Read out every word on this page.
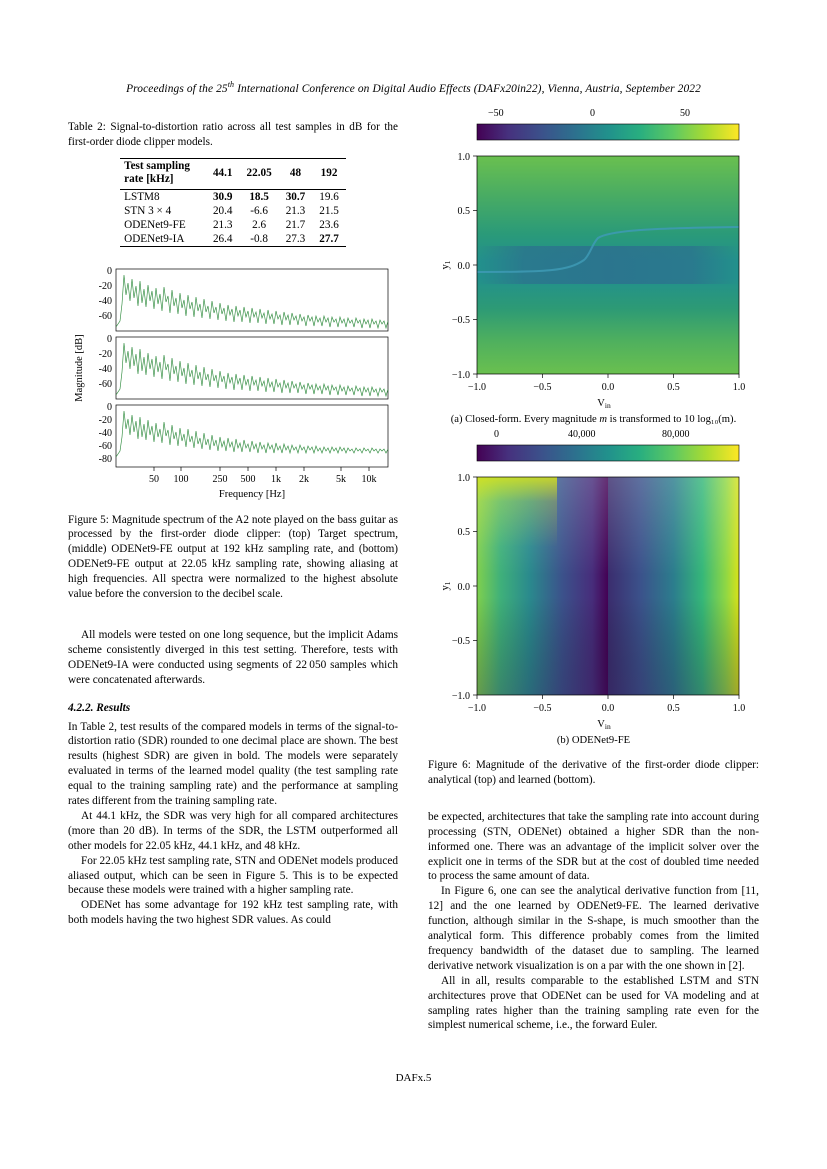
Proceedings of the 25th International Conference on Digital Audio Effects (DAFx20in22), Vienna, Austria, September 2022
Table 2: Signal-to-distortion ratio across all test samples in dB for the first-order diode clipper models.
Test sampling
rate [kHz]	44.1	22.05	48	192
LSTM8	30.9	18.5	30.7	19.6
STN 3 × 4	20.4	-6.6	21.3	21.5
ODENet9-FE	21.3	2.6	21.7	23.6
ODENet9-IA	26.4	-0.8	27.3	27.7
0
-20
-40
-60
0
-20
-40
-60
0
-20
-40
-60
-80
50 100 250 500 1k 2k	5k 10k
Frequency [Hz]
Magnitude [dB]
Figure 5: Magnitude spectrum of the A2 note played on the bass guitar as processed by the first-order diode clipper: (top) Target spectrum, (middle) ODENet9-FE output at 192 kHz sampling rate, and (bottom) ODENet9-FE output at 22.05 kHz sampling rate, showing aliasing at high frequencies. All spectra were normalized to the highest absolute value before the conversion to the decibel scale.

All models were tested on one long sequence, but the implicit Adams scheme consistently diverged in this test setting. Therefore, tests with ODENet9-IA were conducted using segments of 22 050 samples which were concatenated afterwards.

4.2.2. Results

In Table 2, test results of the compared models in terms of the signal-to-distortion ratio (SDR) rounded to one decimal place are shown. The best results (highest SDR) are given in bold. The models were separately evaluated in terms of the learned model quality (the test sampling rate equal to the training sampling rate) and the performance at sampling rates different from the training sampling rate.

At 44.1 kHz, the SDR was very high for all compared architectures (more than 20 dB). In terms of the SDR, the LSTM outperformed all other models for 22.05 kHz, 44.1 kHz, and 48 kHz.

For 22.05 kHz test sampling rate, STN and ODENet models produced aliased output, which can be seen in Figure 5. This is to be expected because these models were trained with a higher sampling rate.

ODENet has some advantage for 192 kHz test sampling rate, with both models having the two highest SDR values. As could

−1.0
−0.5
0.0
0.5
1.0
−1.0	−0.5	0.0	0.5	1.0
Vin
y1
−50	0	50
(a) Closed-form. Every magnitude m is transformed to 10 log₁₀(m).
−1.0
−0.5
0.0
0.5
1.0
−1.0	−0.5	0.0	0.5	1.0
Vin
y1
0	40,000	80,000
(b) ODENet9-FE
Figure 6: Magnitude of the derivative of the first-order diode clipper: analytical (top) and learned (bottom).

be expected, architectures that take the sampling rate into account during processing (STN, ODENet) obtained a higher SDR than the non-informed one. There was an advantage of the implicit solver over the explicit one in terms of the SDR but at the cost of doubled time needed to process the same amount of data.

In Figure 6, one can see the analytical derivative function from [11, 12] and the one learned by ODENet9-FE. The learned derivative function, although similar in the S-shape, is much smoother than the analytical form. This difference probably comes from the limited frequency bandwidth of the dataset due to sampling. The learned derivative network visualization is on a par with the one shown in [2].

All in all, results comparable to the established LSTM and STN architectures prove that ODENet can be used for VA modeling and at sampling rates higher than the training sampling rate even for the simplest numerical scheme, i.e., the forward Euler.

DAFx.5
